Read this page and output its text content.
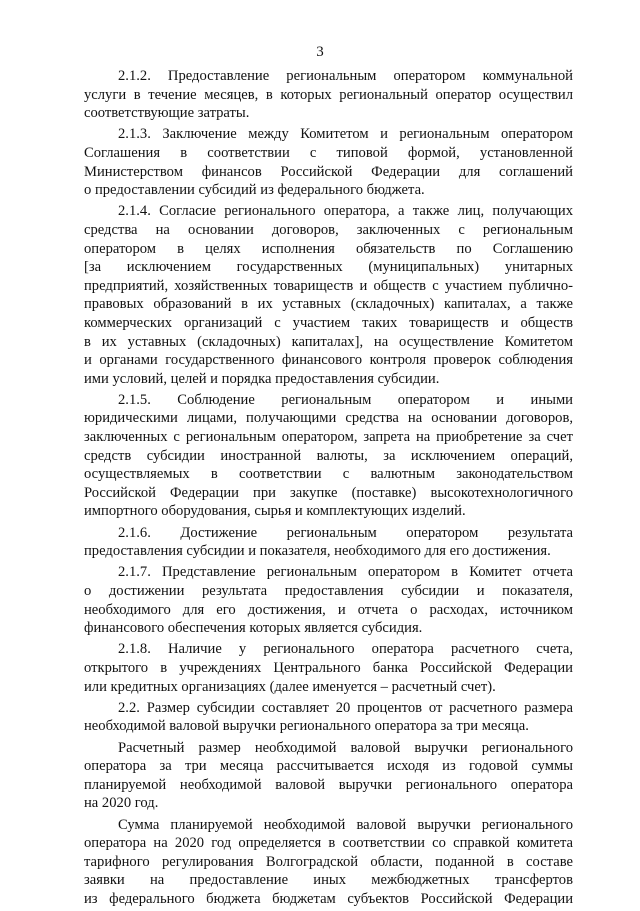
3
2.1.2. Предоставление региональным оператором коммунальной
услуги в течение месяцев, в которых региональный оператор осуществил
соответствующие затраты.
2.1.3. Заключение между Комитетом и региональным оператором
Соглашения в соответствии с типовой формой, установленной
Министерством финансов Российской Федерации для соглашений
о предоставлении субсидий из федерального бюджета.
2.1.4. Согласие регионального оператора, а также лиц, получающих
средства на основании договоров, заключенных с региональным
оператором в целях исполнения обязательств по Соглашению
[за исключением государственных (муниципальных) унитарных
предприятий, хозяйственных товариществ и обществ с участием публично-
правовых образований в их уставных (складочных) капиталах, а также
коммерческих организаций с участием таких товариществ и обществ
в их уставных (складочных) капиталах], на осуществление Комитетом
и органами государственного финансового контроля проверок соблюдения
ими условий, целей и порядка предоставления субсидии.
2.1.5. Соблюдение региональным оператором и иными
юридическими лицами, получающими средства на основании договоров,
заключенных с региональным оператором, запрета на приобретение за счет
средств субсидии иностранной валюты, за исключением операций,
осуществляемых в соответствии с валютным законодательством
Российской Федерации при закупке (поставке) высокотехнологичного
импортного оборудования, сырья и комплектующих изделий.
2.1.6. Достижение региональным оператором результата
предоставления субсидии и показателя, необходимого для его достижения.
2.1.7. Представление региональным оператором в Комитет отчета
о достижении результата предоставления субсидии и показателя,
необходимого для его достижения, и отчета о расходах, источником
финансового обеспечения которых является субсидия.
2.1.8. Наличие у регионального оператора расчетного счета,
открытого в учреждениях Центрального банка Российской Федерации
или кредитных организациях (далее именуется – расчетный счет).
2.2. Размер субсидии составляет 20 процентов от расчетного размера
необходимой валовой выручки регионального оператора за три месяца.
Расчетный размер необходимой валовой выручки регионального
оператора за три месяца рассчитывается исходя из годовой суммы
планируемой необходимой валовой выручки регионального оператора
на 2020 год.
Сумма планируемой необходимой валовой выручки регионального
оператора на 2020 год определяется в соответствии со справкой комитета
тарифного регулирования Волгоградской области, поданной в составе
заявки на предоставление иных межбюджетных трансфертов
из федерального бюджета бюджетам субъектов Российской Федерации
